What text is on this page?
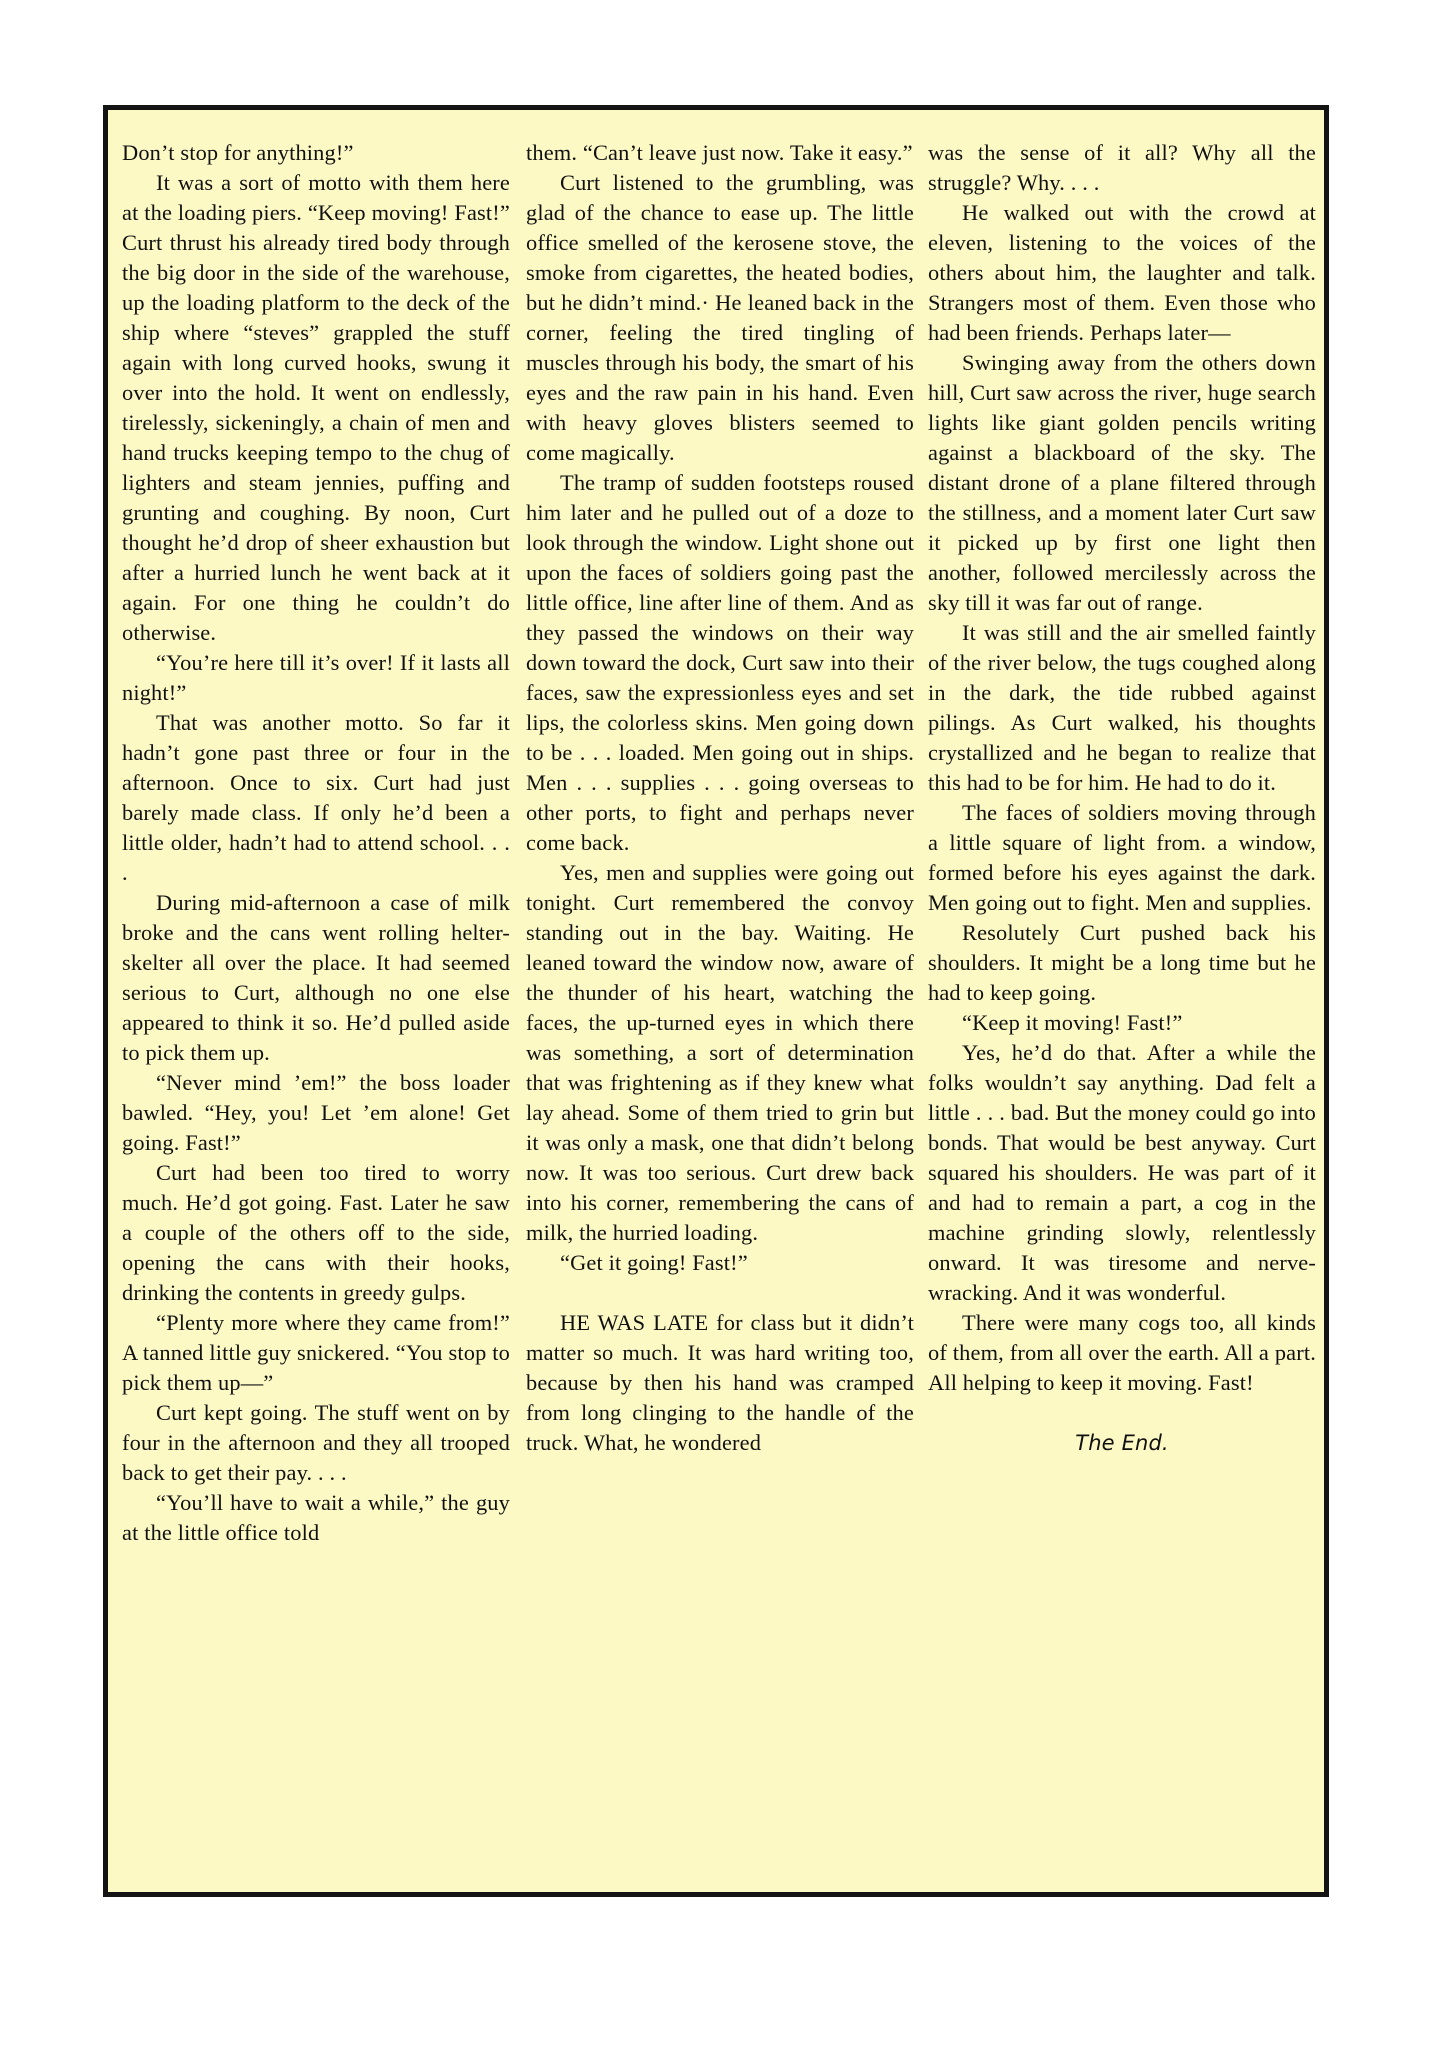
Don’t stop for anything!”

It was a sort of motto with them here at the loading piers. “Keep moving! Fast!” Curt thrust his already tired body through the big door in the side of the warehouse, up the loading platform to the deck of the ship where “steves” grappled the stuff again with long curved hooks, swung it over into the hold. It went on endlessly, tirelessly, sickeningly, a chain of men and hand trucks keeping tempo to the chug of lighters and steam jennies, puffing and grunting and coughing. By noon, Curt thought he’d drop of sheer exhaustion but after a hurried lunch he went back at it again. For one thing he couldn’t do otherwise.

“You’re here till it’s over! If it lasts all night!”

That was another motto. So far it hadn’t gone past three or four in the afternoon. Once to six. Curt had just barely made class. If only he’d been a little older, hadn’t had to attend school. . . .

During mid-afternoon a case of milk broke and the cans went rolling helter-skelter all over the place. It had seemed serious to Curt, although no one else appeared to think it so. He’d pulled aside to pick them up.

“Never mind ’em!” the boss loader bawled. “Hey, you! Let ’em alone! Get going. Fast!”

Curt had been too tired to worry much. He’d got going. Fast. Later he saw a couple of the others off to the side, opening the cans with their hooks, drinking the contents in greedy gulps.

“Plenty more where they came from!” A tanned little guy snickered. “You stop to pick them up—”

Curt kept going. The stuff went on by four in the afternoon and they all trooped back to get their pay. . . .

“You’ll have to wait a while,” the guy at the little office told

them. “Can’t leave just now. Take it easy.”

Curt listened to the grumbling, was glad of the chance to ease up. The little office smelled of the kerosene stove, the smoke from cigarettes, the heated bodies, but he didn’t mind.· He leaned back in the corner, feeling the tired tingling of muscles through his body, the smart of his eyes and the raw pain in his hand. Even with heavy gloves blisters seemed to come magically.

The tramp of sudden footsteps roused him later and he pulled out of a doze to look through the window. Light shone out upon the faces of soldiers going past the little office, line after line of them. And as they passed the windows on their way down toward the dock, Curt saw into their faces, saw the expressionless eyes and set lips, the colorless skins. Men going down to be . . . loaded. Men going out in ships. Men . . . supplies . . . going overseas to other ports, to fight and perhaps never come back.

Yes, men and supplies were going out tonight. Curt remembered the convoy standing out in the bay. Waiting. He leaned toward the window now, aware of the thunder of his heart, watching the faces, the up-turned eyes in which there was something, a sort of determination that was frightening as if they knew what lay ahead. Some of them tried to grin but it was only a mask, one that didn’t belong now. It was too serious. Curt drew back into his corner, remembering the cans of milk, the hurried loading.

“Get it going! Fast!”

HE WAS LATE for class but it didn’t matter so much. It was hard writing too, because by then his hand was cramped from long clinging to the handle of the truck. What, he wondered

was the sense of it all? Why all the struggle? Why. . . .

He walked out with the crowd at eleven, listening to the voices of the others about him, the laughter and talk. Strangers most of them. Even those who had been friends. Perhaps later—

Swinging away from the others down hill, Curt saw across the river, huge search lights like giant golden pencils writing against a blackboard of the sky. The distant drone of a plane filtered through the stillness, and a moment later Curt saw it picked up by first one light then another, followed mercilessly across the sky till it was far out of range.

It was still and the air smelled faintly of the river below, the tugs coughed along in the dark, the tide rubbed against pilings. As Curt walked, his thoughts crystallized and he began to realize that this had to be for him. He had to do it.

The faces of soldiers moving through a little square of light from. a window, formed before his eyes against the dark. Men going out to fight. Men and supplies.

Resolutely Curt pushed back his shoulders. It might be a long time but he had to keep going.

“Keep it moving! Fast!”

Yes, he’d do that. After a while the folks wouldn’t say anything. Dad felt a little . . . bad. But the money could go into bonds. That would be best anyway. Curt squared his shoulders. He was part of it and had to remain a part, a cog in the machine grinding slowly, relentlessly onward. It was tiresome and nerve-wracking. And it was wonderful.

There were many cogs too, all kinds of them, from all over the earth. All a part. All helping to keep it moving. Fast!

The End.
